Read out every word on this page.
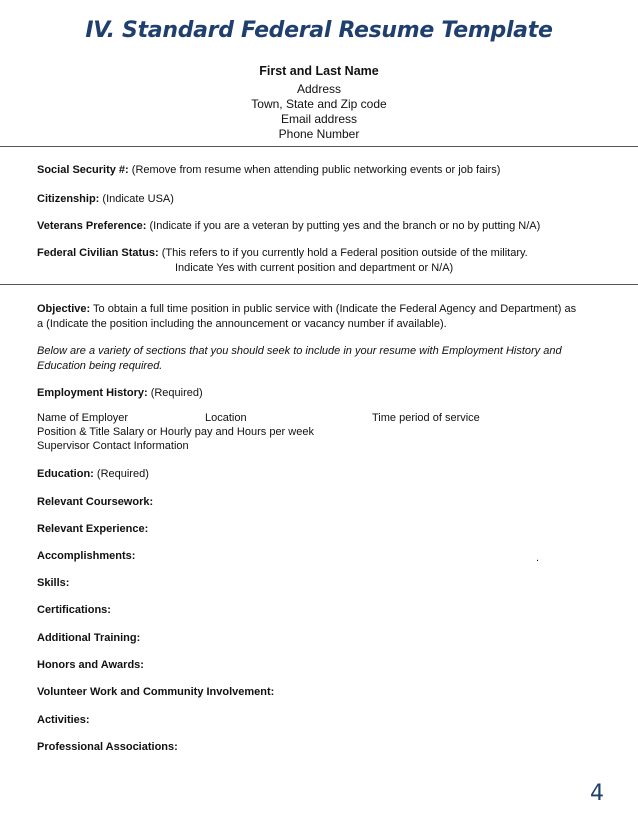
IV. Standard Federal Resume Template
First and Last Name
Address
Town, State and Zip code
Email address
Phone Number
Social Security #: (Remove from resume when attending public networking events or job fairs)
Citizenship: (Indicate USA)
Veterans Preference: (Indicate if you are a veteran by putting yes and the branch or no by putting N/A)
Federal Civilian Status: (This refers to if you currently hold a Federal position outside of the military.
Indicate Yes with current position and department or N/A)
Objective: To obtain a full time position in public service with (Indicate the Federal Agency and Department) as
a (Indicate the position including the announcement or vacancy number if available).
Below are a variety of sections that you should seek to include in your resume with Employment History and
Education being required.
Employment History: (Required)
Name of Employer	Location	Time period of service
Position & Title Salary or Hourly pay and Hours per week
Supervisor Contact Information
Education: (Required)
Relevant Coursework:
Relevant Experience:
Accomplishments:	.
Skills:
Certifications:
Additional Training:
Honors and Awards:
Volunteer Work and Community Involvement:
Activities:
Professional Associations:
4
